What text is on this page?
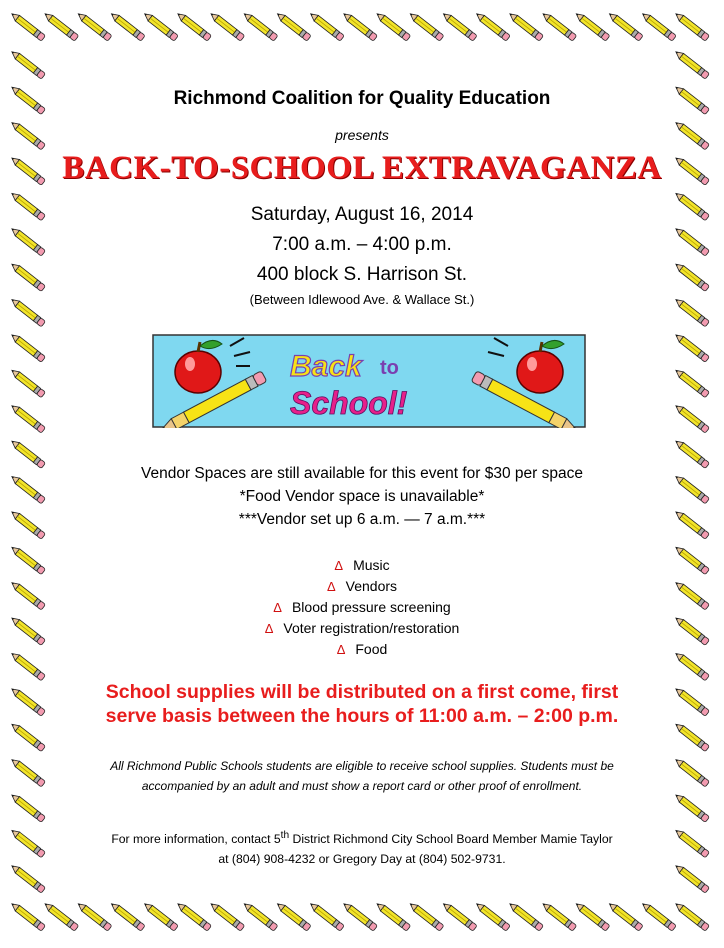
Richmond Coalition for Quality Education
presents
BACK-TO-SCHOOL EXTRAVAGANZA
Saturday, August 16, 2014
7:00 a.m. – 4:00 p.m.
400 block S. Harrison St.
(Between Idlewood Ave. & Wallace St.)
Back to
School!
Vendor Spaces are still available for this event for $30 per space
*Food Vendor space is unavailable*
***Vendor set up 6 a.m. — 7 a.m.***
Δ Music
Δ Vendors
Δ Blood pressure screening
Δ Voter registration/restoration
Δ Food
School supplies will be distributed on a first come, first
serve basis between the hours of 11:00 a.m. – 2:00 p.m.
All Richmond Public Schools students are eligible to receive school supplies. Students must be
accompanied by an adult and must show a report card or other proof of enrollment.
For more information, contact 5th District Richmond City School Board Member Mamie Taylor
at (804) 908-4232 or Gregory Day at (804) 502-9731.
